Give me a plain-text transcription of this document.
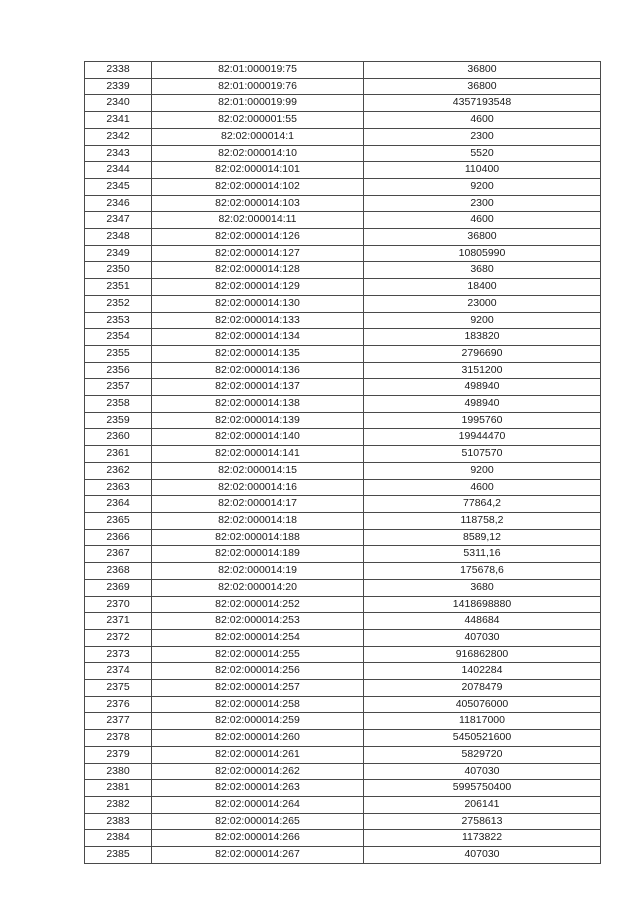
2338	82:01:000019:75	36800
2339	82:01:000019:76	36800
2340	82:01:000019:99	4357193548
2341	82:02:000001:55	4600
2342	82:02:000014:1	2300
2343	82:02:000014:10	5520
2344	82:02:000014:101	110400
2345	82:02:000014:102	9200
2346	82:02:000014:103	2300
2347	82:02:000014:11	4600
2348	82:02:000014:126	36800
2349	82:02:000014:127	10805990
2350	82:02:000014:128	3680
2351	82:02:000014:129	18400
2352	82:02:000014:130	23000
2353	82:02:000014:133	9200
2354	82:02:000014:134	183820
2355	82:02:000014:135	2796690
2356	82:02:000014:136	3151200
2357	82:02:000014:137	498940
2358	82:02:000014:138	498940
2359	82:02:000014:139	1995760
2360	82:02:000014:140	19944470
2361	82:02:000014:141	5107570
2362	82:02:000014:15	9200
2363	82:02:000014:16	4600
2364	82:02:000014:17	77864,2
2365	82:02:000014:18	118758,2
2366	82:02:000014:188	8589,12
2367	82:02:000014:189	5311,16
2368	82:02:000014:19	175678,6
2369	82:02:000014:20	3680
2370	82:02:000014:252	1418698880
2371	82:02:000014:253	448684
2372	82:02:000014:254	407030
2373	82:02:000014:255	916862800
2374	82:02:000014:256	1402284
2375	82:02:000014:257	2078479
2376	82:02:000014:258	405076000
2377	82:02:000014:259	11817000
2378	82:02:000014:260	5450521600
2379	82:02:000014:261	5829720
2380	82:02:000014:262	407030
2381	82:02:000014:263	5995750400
2382	82:02:000014:264	206141
2383	82:02:000014:265	2758613
2384	82:02:000014:266	1173822
2385	82:02:000014:267	407030
